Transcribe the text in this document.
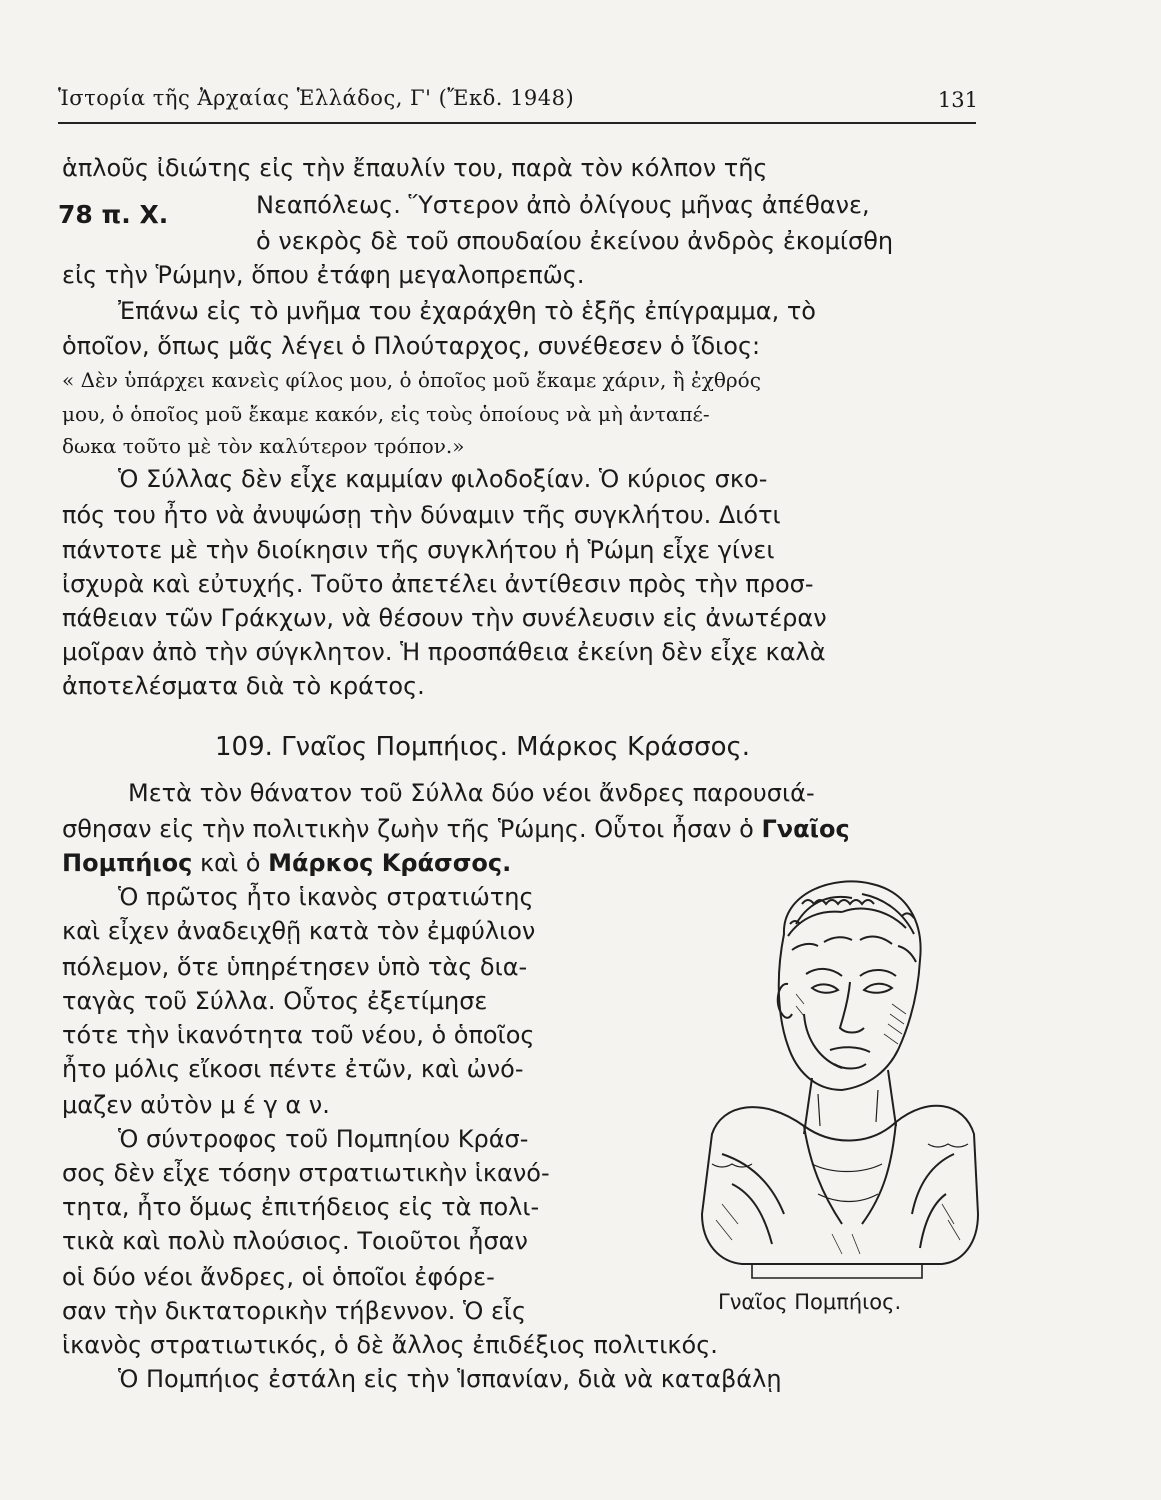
Ἱστορία τῆς Ἀρχαίας Ἑλλάδος, Γ' (Ἔκδ. 1948)	131
ἁπλοῦς ἰδιώτης εἰς τὴν ἔπαυλίν του, παρὰ τὸν κόλπον τῆς
78 π. Χ.	Νεαπόλεως. Ὕστερον ἀπὸ ὀλίγους μῆνας ἀπέθανε,
ὁ νεκρὸς δὲ τοῦ σπουδαίου ἐκείνου ἀνδρὸς ἐκομίσθη
εἰς τὴν Ῥώμην, ὅπου ἐτάφη μεγαλοπρεπῶς.
Ἐπάνω εἰς τὸ μνῆμα του ἐχαράχθη τὸ ἑξῆς ἐπίγραμμα, τὸ
ὁποῖον, ὅπως μᾶς λέγει ὁ Πλούταρχος, συνέθεσεν ὁ ἴδιος:
« Δὲν ὑπάρχει κανεὶς φίλος μου, ὁ ὁποῖος μοῦ ἔκαμε χάριν, ἢ ἐχθρός
μου, ὁ ὁποῖος μοῦ ἔκαμε κακόν, εἰς τοὺς ὁποίους νὰ μὴ ἀνταπέ-
δωκα τοῦτο μὲ τὸν καλύτερον τρόπον.»
Ὁ Σύλλας δὲν εἶχε καμμίαν φιλοδοξίαν. Ὁ κύριος σκο-
πός του ἦτο νὰ ἀνυψώσῃ τὴν δύναμιν τῆς συγκλήτου. Διότι
πάντοτε μὲ τὴν διοίκησιν τῆς συγκλήτου ἡ Ῥώμη εἶχε γίνει
ἰσχυρὰ καὶ εὐτυχής. Τοῦτο ἀπετέλει ἀντίθεσιν πρὸς τὴν προσ-
πάθειαν τῶν Γράκχων, νὰ θέσουν τὴν συνέλευσιν εἰς ἀνωτέραν
μοῖραν ἀπὸ τὴν σύγκλητον. Ἡ προσπάθεια ἐκείνη δὲν εἶχε καλὰ
ἀποτελέσματα διὰ τὸ κράτος.
109. Γναῖος Πομπήιος. Μάρκος Κράσσος.
Μετὰ τὸν θάνατον τοῦ Σύλλα δύο νέοι ἄνδρες παρουσιά-
σθησαν εἰς τὴν πολιτικὴν ζωὴν τῆς Ῥώμης. Οὗτοι ἦσαν ὁ Γναῖος
Πομπήιος καὶ ὁ Μάρκος Κράσσος.
Ὁ πρῶτος ἦτο ἱκανὸς στρατιώτης
καὶ εἶχεν ἀναδειχθῇ κατὰ τὸν ἐμφύλιον
πόλεμον, ὅτε ὑπηρέτησεν ὑπὸ τὰς δια-
ταγὰς τοῦ Σύλλα. Οὗτος ἐξετίμησε
τότε τὴν ἱκανότητα τοῦ νέου, ὁ ὁποῖος
ἦτο μόλις εἴκοσι πέντε ἐτῶν, καὶ ὠνό-
μαζεν αὐτὸν μ έ γ α ν.
Ὁ σύντροφος τοῦ Πομπηίου Κράσ-
σος δὲν εἶχε τόσην στρατιωτικὴν ἱκανό-
τητα, ἦτο ὅμως ἐπιτήδειος εἰς τὰ πολι-
τικὰ καὶ πολὺ πλούσιος. Τοιοῦτοι ἦσαν
οἱ δύο νέοι ἄνδρες, οἱ ὁποῖοι ἐφόρε-
σαν τὴν δικτατορικὴν τήβεννον. Ὁ εἷς
ἱκανὸς στρατιωτικός, ὁ δὲ ἄλλος ἐπιδέξιος πολιτικός.
Ὁ Πομπήιος ἐστάλη εἰς τὴν Ἱσπανίαν, διὰ νὰ καταβάλῃ
Γναῖος Πομπήιος.
